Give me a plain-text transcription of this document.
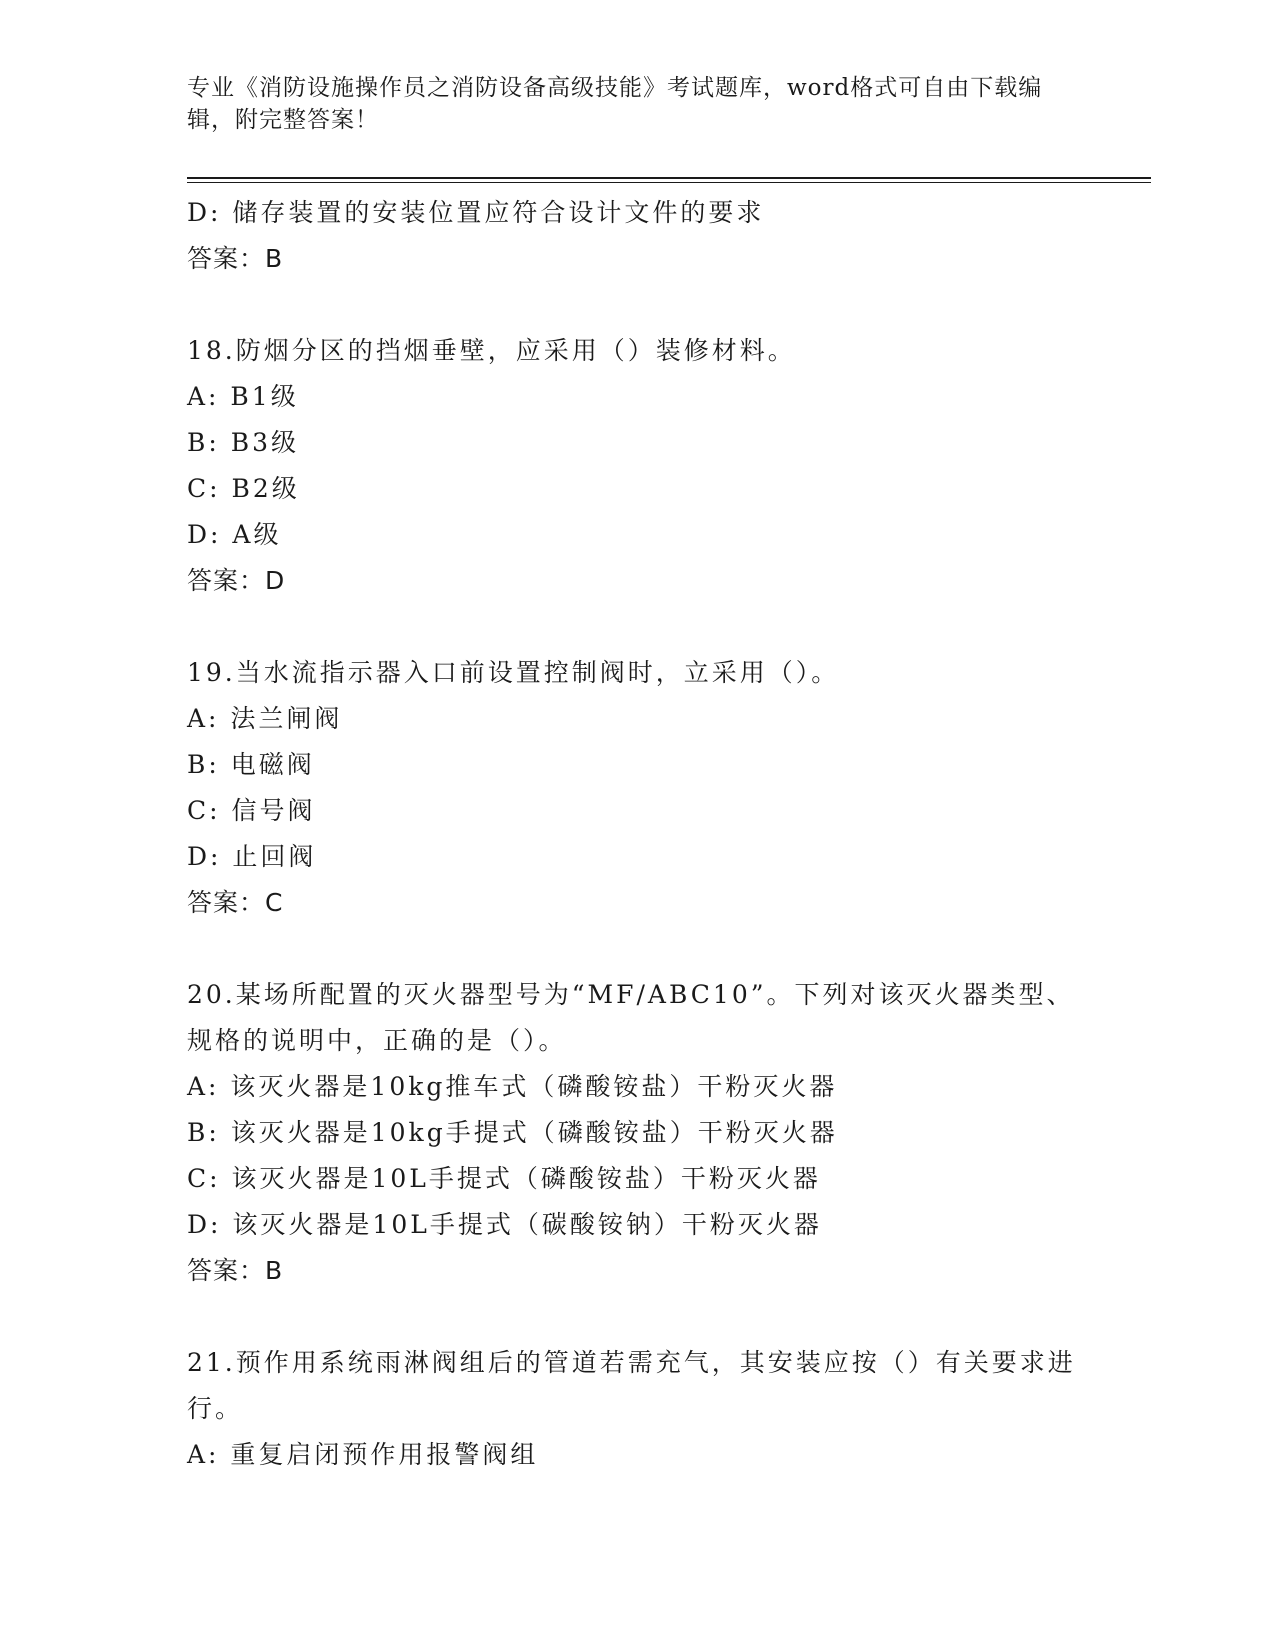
专业《消防设施操作员之消防设备高级技能》考试题库，word格式可自由下载编辑，附完整答案！
D: 储存装置的安装位置应符合设计文件的要求
答案：B
18.防烟分区的挡烟垂壁，应采用（）装修材料。
A: B1级
B: B3级
C: B2级
D: A级
答案：D
19.当水流指示器入口前设置控制阀时，立采用（）。
A: 法兰闸阀
B: 电磁阀
C: 信号阀
D: 止回阀
答案：C
20.某场所配置的灭火器型号为“MF/ABC10”。下列对该灭火器类型、规格的说明中，正确的是（）。
A: 该灭火器是10kg推车式（磷酸铵盐）干粉灭火器
B: 该灭火器是10kg手提式（磷酸铵盐）干粉灭火器
C: 该灭火器是10L手提式（磷酸铵盐）干粉灭火器
D: 该灭火器是10L手提式（碳酸铵钠）干粉灭火器
答案：B
21.预作用系统雨淋阀组后的管道若需充气，其安装应按（）有关要求进行。
A: 重复启闭预作用报警阀组
